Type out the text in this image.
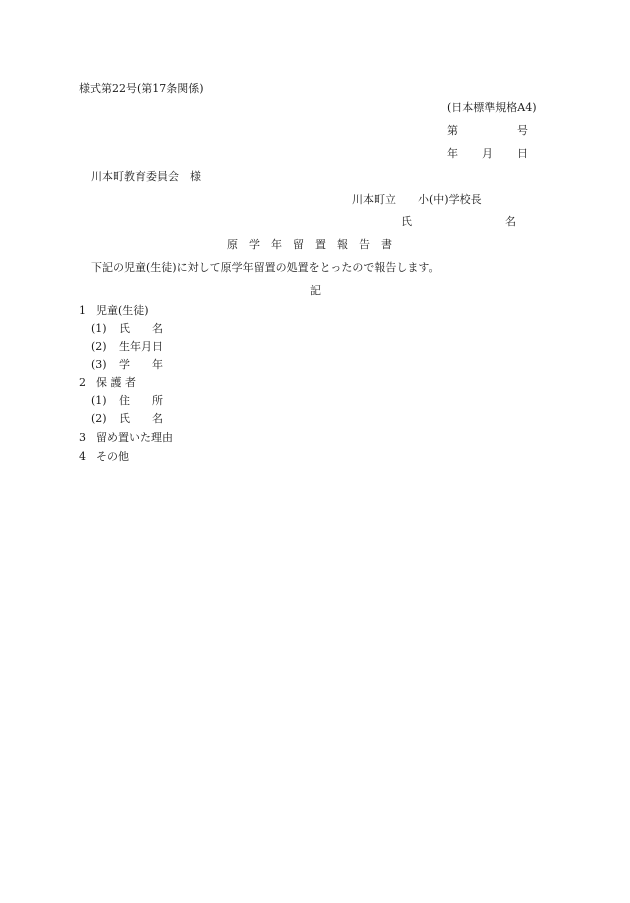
様式第22号(第17条関係)
(日本標準規格A4)
第	号
年 月 日
川本町教育委員会　様
川本町立　　小(中)学校長
氏	名
原　学　年　留　置　報　告　書
下記の児童(生徒)に対して原学年留置の処置をとったので報告します。
記
1 児童(生徒)
(1) 氏　　名
(2) 生年月日
(3) 学　　年
2 保 護 者
(1) 住　　所
(2) 氏　　名
3 留め置いた理由
4 その他
